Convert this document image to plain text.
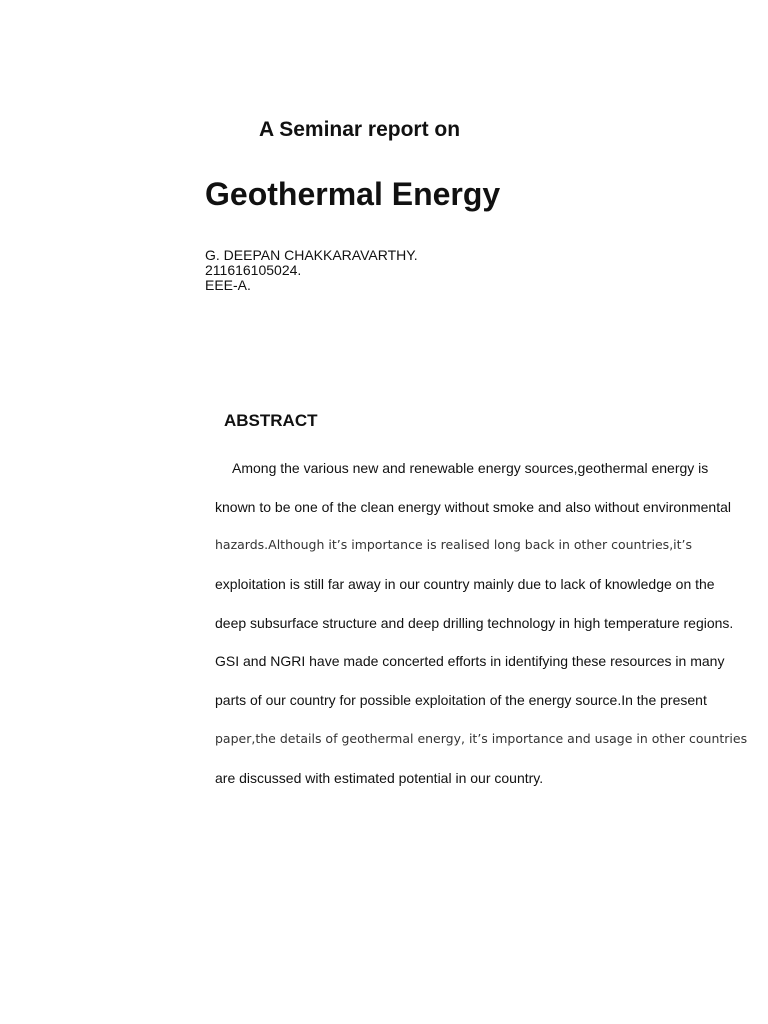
A Seminar report on
Geothermal Energy
G. DEEPAN CHAKKARAVARTHY.
211616105024.
EEE-A.
ABSTRACT
Among the various new and renewable energy sources,geothermal energy is
known to be one of the clean energy without smoke and also without environmental
hazards.Although it’s importance is realised long back in other countries,it’s
exploitation is still far away in our country mainly due to lack of knowledge on the
deep subsurface structure and deep drilling technology in high temperature regions.
GSI and NGRI have made concerted efforts in identifying these resources in many
parts of our country for possible exploitation of the energy source.In the present
paper,the details of geothermal energy, it’s importance and usage in other countries
are discussed with estimated potential in our country.
